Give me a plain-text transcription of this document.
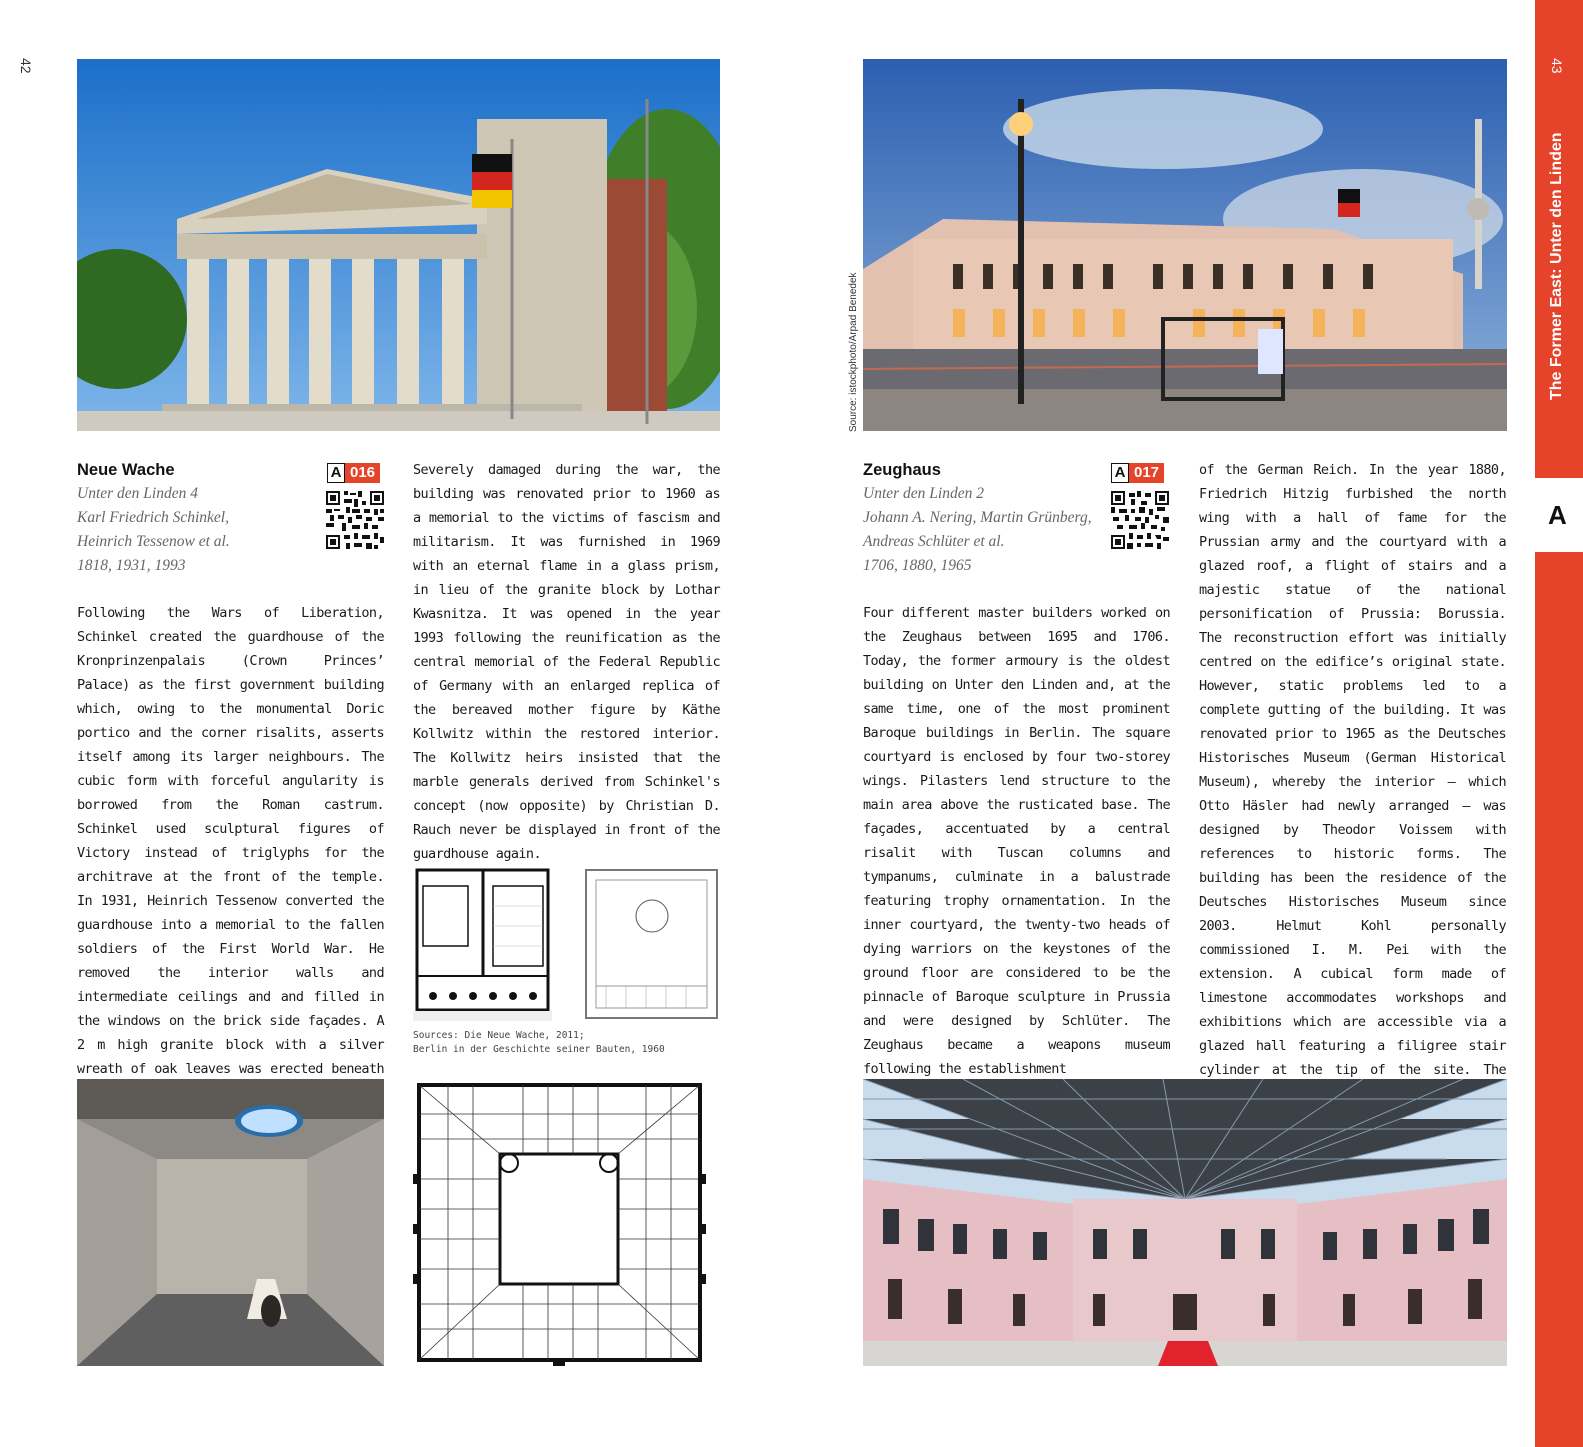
42
Neue Wache	A 016
Unter den Linden 4
Karl Friedrich Schinkel,
Heinrich Tessenow et al.
1818, 1931, 1993
Following the Wars of Liberation, Schinkel created the guardhouse of the Kronprinzenpalais (Crown Princes’ Palace) as the first government building which, owing to the monumental Doric portico and the corner risalits, asserts itself among its larger neighbours. The cubic form with forceful angularity is borrowed from the Roman castrum. Schinkel used sculptural figures of Victory instead of triglyphs for the architrave at the front of the temple. In 1931, Heinrich Tessenow converted the guardhouse into a memorial to the fallen soldiers of the First World War. He removed the interior walls and intermediate ceilings and and filled in the windows on the brick side façades. A 2 m high granite block with a silver wreath of oak leaves was erected beneath
Severely damaged during the war, the building was renovated prior to 1960 as a memorial to the victims of fascism and militarism. It was furnished in 1969 with an eternal flame in a glass prism, in lieu of the granite block by Lothar Kwasnitza. It was opened in the year 1993 following the reunification as the central memorial of the Federal Republic of Germany with an enlarged replica of the bereaved mother figure by Käthe Kollwitz within the restored interior. The Kollwitz heirs insisted that the marble generals derived from Schinkel's concept (now opposite) by Christian D. Rauch never be displayed in front of the guardhouse again.
Sources: Die Neue Wache, 2011;
Berlin in der Geschichte seiner Bauten, 1960
Source: istockphoto/Arpad Benedek
Zeughaus	A 017
Unter den Linden 2
Johann A. Nering, Martin Grünberg,
Andreas Schlüter et al.
1706, 1880, 1965
Four different master builders worked on the Zeughaus between 1695 and 1706. Today, the former armoury is the oldest building on Unter den Linden and, at the same time, one of the most prominent Baroque buildings in Berlin. The square courtyard is enclosed by four two-storey wings. Pilasters lend structure to the main area above the rusticated base. The façades, accentuated by a central risalit with Tuscan columns and tympanums, culminate in a balustrade featuring trophy ornamentation. In the inner courtyard, the twenty-two heads of dying warriors on the keystones of the ground floor are considered to be the pinnacle of Baroque sculpture in Prussia and were designed by Schlüter. The Zeughaus became a weapons museum following the establishment
of the German Reich. In the year 1880, Friedrich Hitzig furbished the north wing with a hall of fame for the Prussian army and the courtyard with a glazed roof, a flight of stairs and a majestic statue of the national personification of Prussia: Borussia. The reconstruction effort was initially centred on the edifice’s original state. However, static problems led to a complete gutting of the building. It was renovated prior to 1965 as the Deutsches Historisches Museum (German Historical Museum), whereby the interior – which Otto Häsler had newly arranged – was designed by Theodor Voissem with references to historic forms. The building has been the residence of the Deutsches Historisches Museum since 2003. Helmut Kohl personally commissioned I. M. Pei with the extension. A cubical form made of limestone accommodates workshops and exhibitions which are accessible via a glazed hall featuring a filigree stair cylinder at the tip of the site. The
43
The Former East: Unter den Linden
A
